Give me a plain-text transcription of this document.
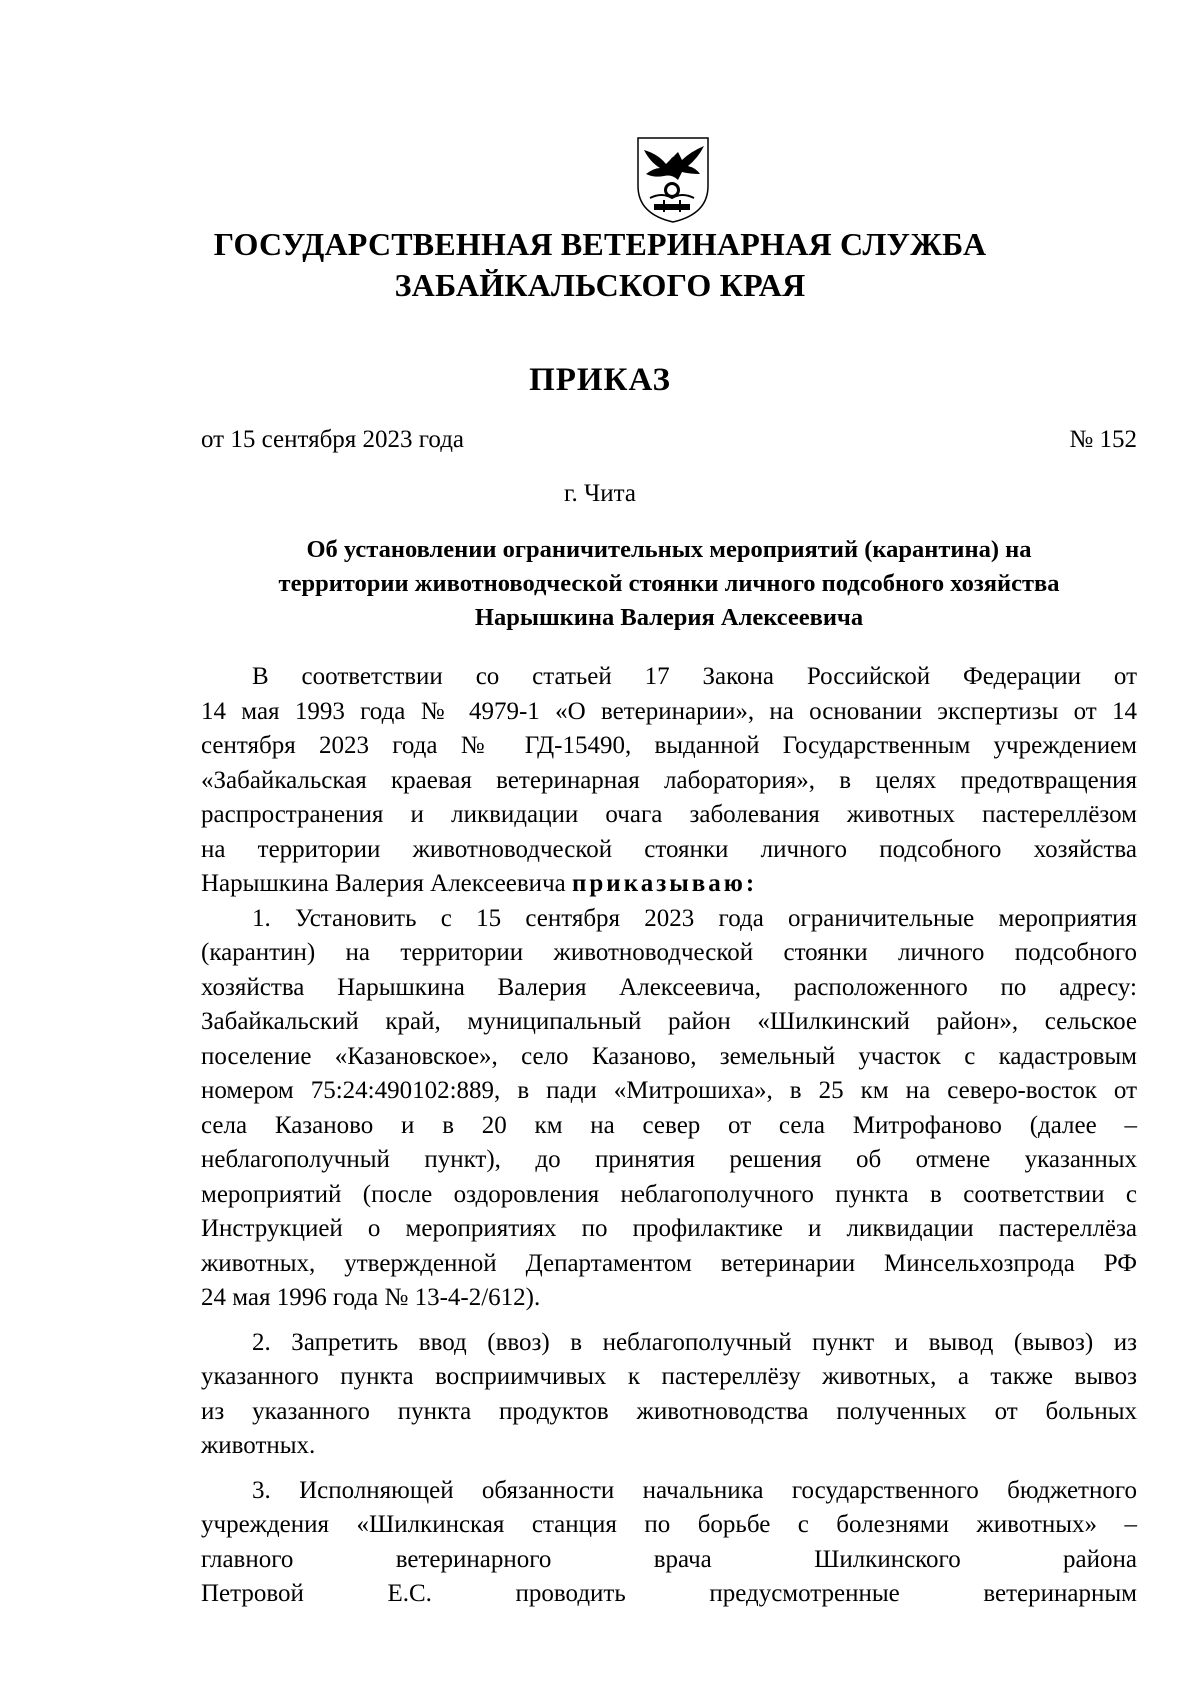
ГОСУДАРСТВЕННАЯ ВЕТЕРИНАРНАЯ СЛУЖБА
ЗАБАЙКАЛЬСКОГО КРАЯ
ПРИКАЗ
от 15 сентября 2023 года	№ 152
г. Чита
Об установлении ограничительных мероприятий (карантина) на
территории животноводческой стоянки личного подсобного хозяйства
Нарышкина Валерия Алексеевича
В соответствии со статьей 17 Закона Российской Федерации от
14 мая 1993 года № 4979-1 «О ветеринарии», на основании экспертизы от 14
сентября 2023 года № ГД-15490, выданной Государственным учреждением
«Забайкальская краевая ветеринарная лаборатория», в целях предотвращения
распространения и ликвидации очага заболевания животных пастереллёзом
на территории животноводческой стоянки личного подсобного хозяйства
Нарышкина Валерия Алексеевича приказываю:
1. Установить с 15 сентября 2023 года ограничительные мероприятия
(карантин) на территории животноводческой стоянки личного подсобного
хозяйства Нарышкина Валерия Алексеевича, расположенного по адресу:
Забайкальский край, муниципальный район «Шилкинский район», сельское
поселение «Казановское», село Казаново, земельный участок с кадастровым
номером 75:24:490102:889, в пади «Митрошиха», в 25 км на северо-восток от
села Казаново и в 20 км на север от села Митрофаново (далее –
неблагополучный пункт), до принятия решения об отмене указанных
мероприятий (после оздоровления неблагополучного пункта в соответствии с
Инструкцией о мероприятиях по профилактике и ликвидации пастереллёза
животных, утвержденной Департаментом ветеринарии Минсельхозпрода РФ
24 мая 1996 года № 13-4-2/612).
2. Запретить ввод (ввоз) в неблагополучный пункт и вывод (вывоз) из
указанного пункта восприимчивых к пастереллёзу животных, а также вывоз
из указанного пункта продуктов животноводства полученных от больных
животных.
3. Исполняющей обязанности начальника государственного бюджетного
учреждения «Шилкинская станция по борьбе с болезнями животных» –
главного ветеринарного врача Шилкинского района
Петровой Е.С. проводить предусмотренные ветеринарным
